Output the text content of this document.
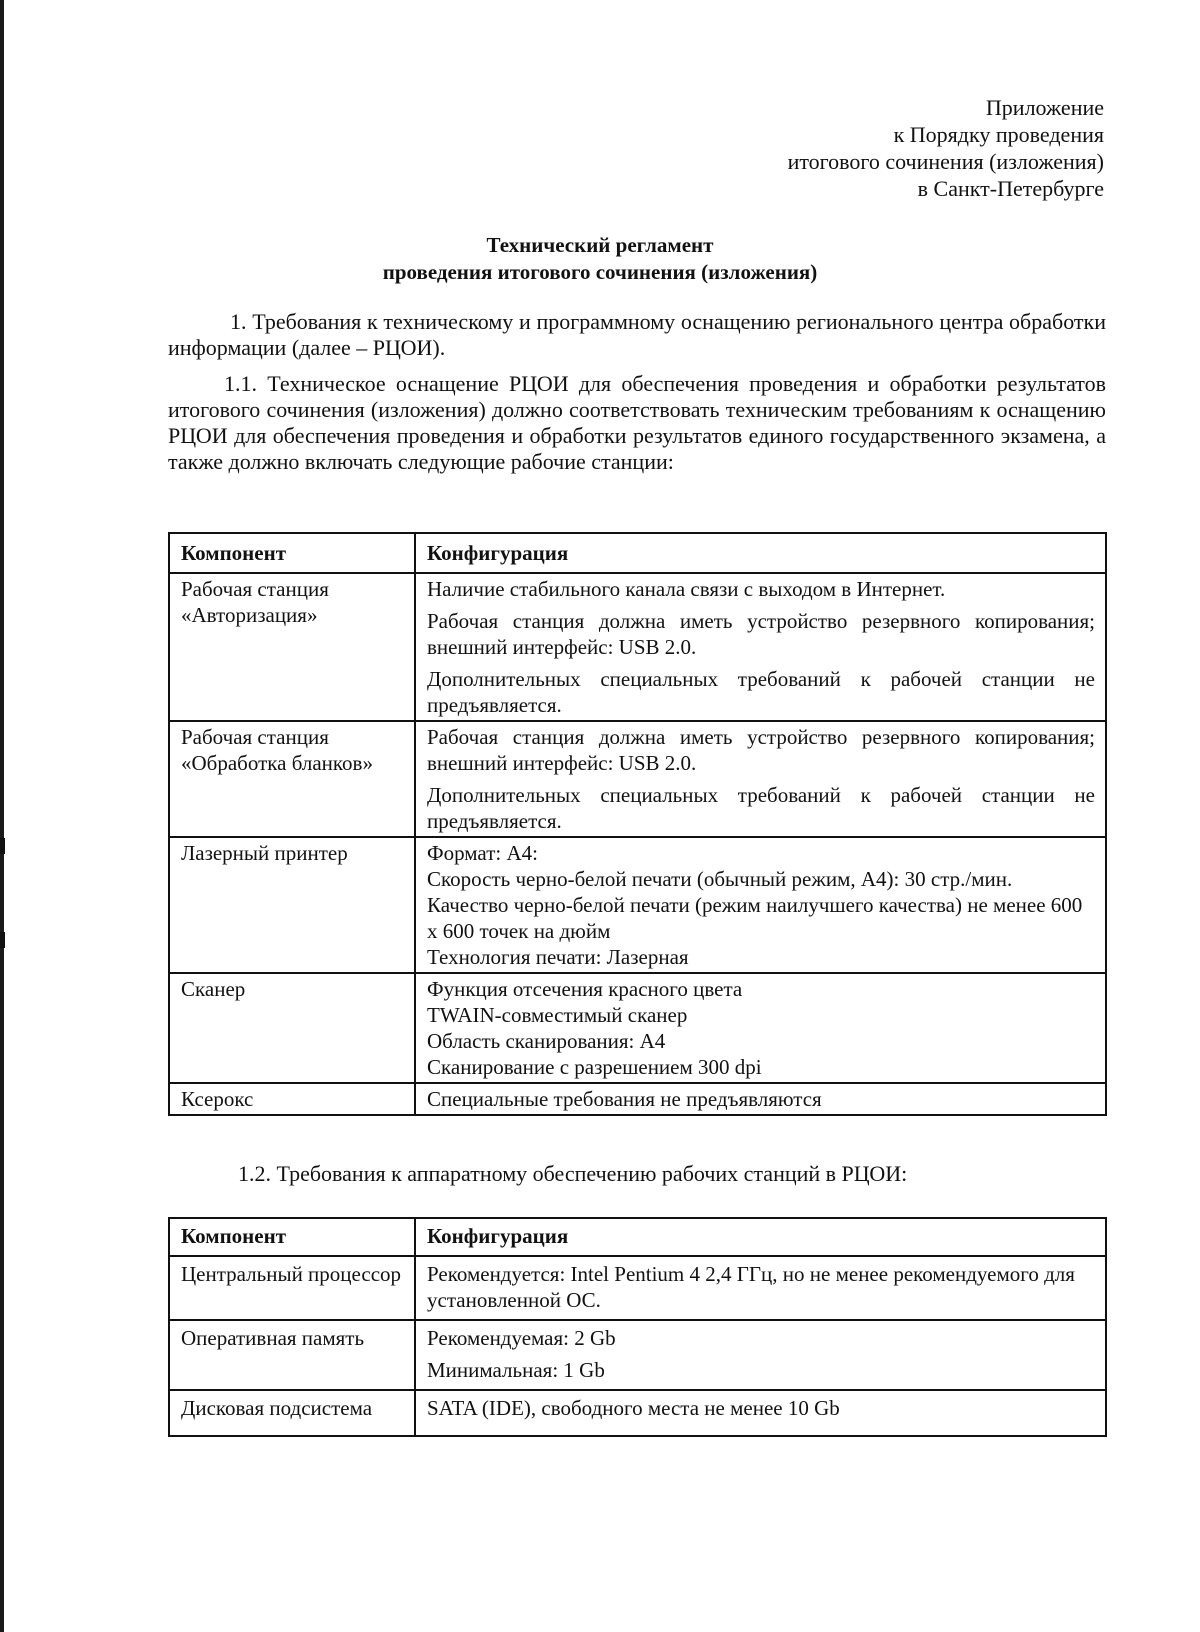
Приложение
к Порядку проведения
итогового сочинения (изложения)
в Санкт-Петербурге
Технический регламент
проведения итогового сочинения (изложения)
1. Требования к техническому и программному оснащению регионального центра обработки информации (далее – РЦОИ).
1.1. Техническое оснащение РЦОИ для обеспечения проведения и обработки результатов итогового сочинения (изложения) должно соответствовать техническим требованиям к оснащению РЦОИ для обеспечения проведения и обработки результатов единого государственного экзамена, а также должно включать следующие рабочие станции:
Компонент	Конфигурация
Рабочая станция «Авторизация»	Наличие стабильного канала связи с выходом в Интернет.

Рабочая станция должна иметь устройство резервного копирования; внешний интерфейс: USB 2.0.

Дополнительных специальных требований к рабочей станции не предъявляется.

Рабочая станция «Обработка бланков»	Рабочая станция должна иметь устройство резервного копирования; внешний интерфейс: USB 2.0.

Дополнительных специальных требований к рабочей станции не предъявляется.

Лазерный принтер	Формат: А4:

Скорость черно-белой печати (обычный режим, А4): 30 стр./мин.

Качество черно-белой печати (режим наилучшего качества) не менее 600 х 600 точек на дюйм

Технология печати: Лазерная

Сканер	Функция отсечения красного цвета

TWAIN-совместимый сканер

Область сканирования: А4

Сканирование с разрешением 300 dpi

Ксерокс	Специальные требования не предъявляются

1.2. Требования к аппаратному обеспечению рабочих станций в РЦОИ:
Компонент	Конфигурация
Центральный процессор	Рекомендуется: Intel Pentium 4 2,4 ГГц, но не менее рекомендуемого для установленной ОС.

Оперативная память	Рекомендуемая: 2 Gb

Минимальная: 1 Gb

Дисковая подсистема	SATA (IDE), свободного места не менее 10 Gb
